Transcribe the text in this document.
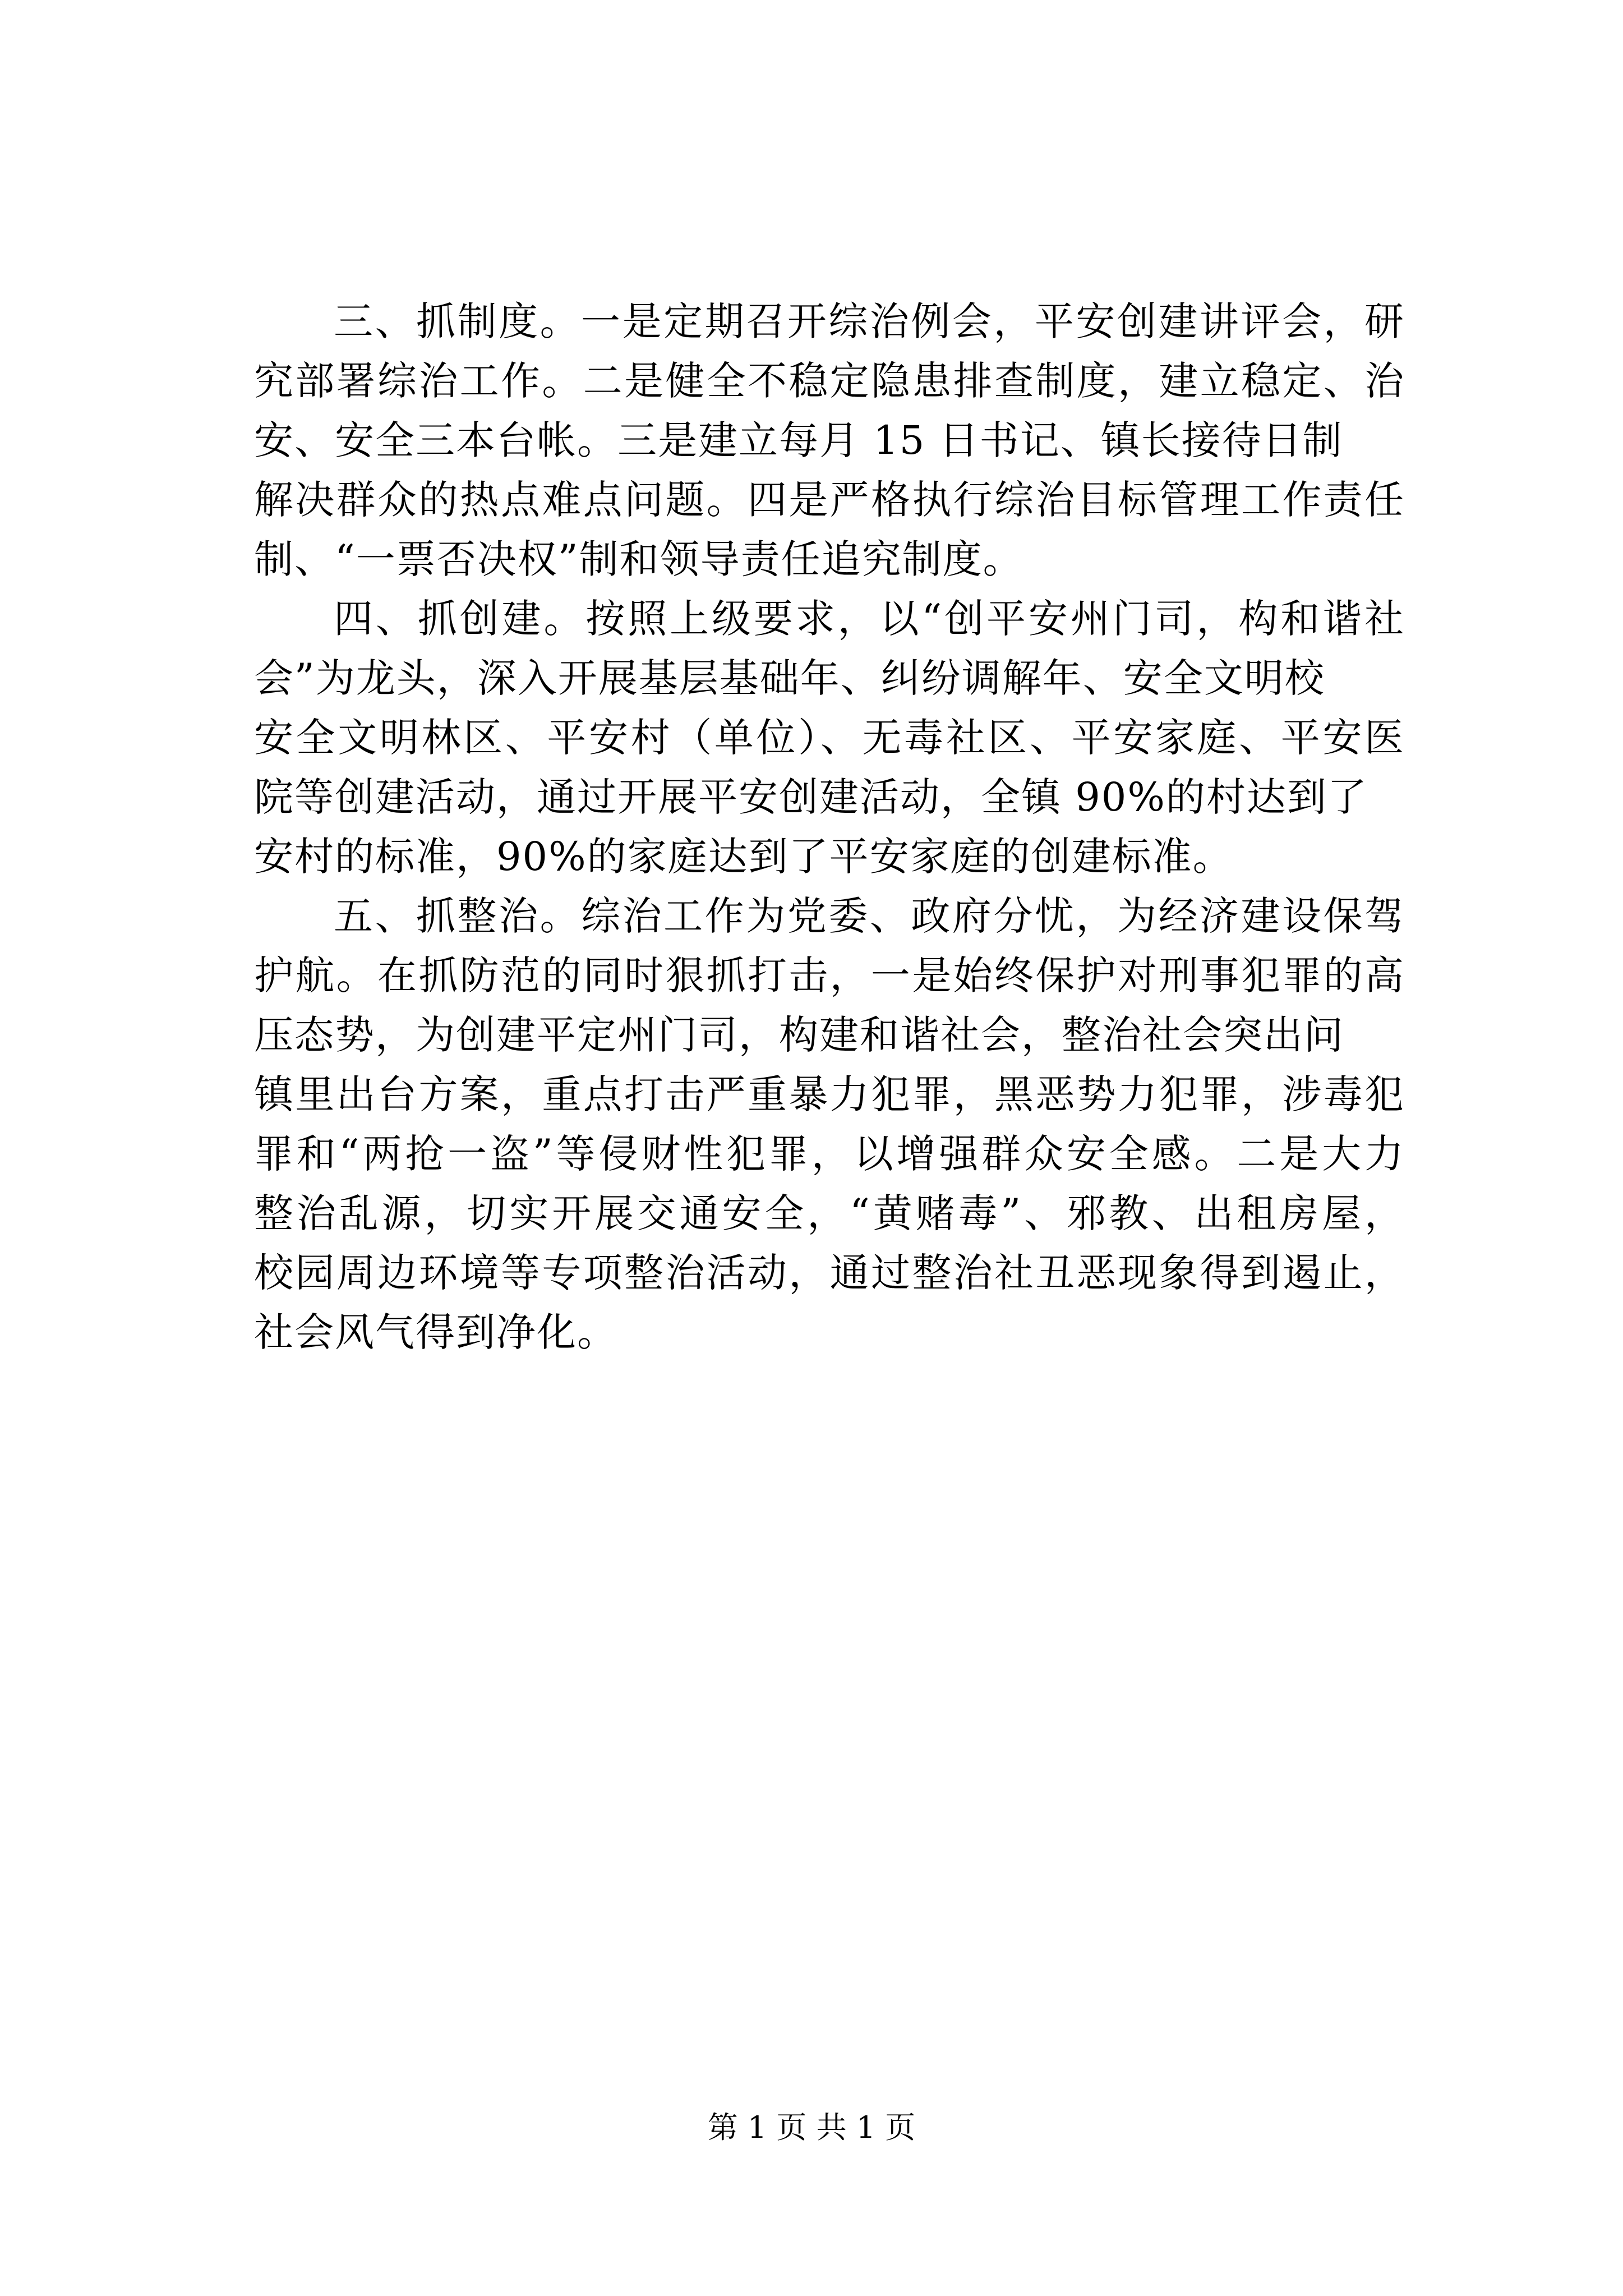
三、抓制度。一是定期召开综治例会，平安创建讲评会，研
究部署综治工作。二是健全不稳定隐患排查制度，建立稳定、治
安、安全三本台帐。三是建立每月 15 日书记、镇长接待日制
解决群众的热点难点问题。四是严格执行综治目标管理工作责任
制、“一票否决权”制和领导责任追究制度。
四、抓创建。按照上级要求，以“创平安州门司，构和谐社
会”为龙头，深入开展基层基础年、纠纷调解年、安全文明校
安全文明林区、平安村（单位）、无毒社区、平安家庭、平安医
院等创建活动，通过开展平安创建活动，全镇 90%的村达到了
安村的标准，90%的家庭达到了平安家庭的创建标准。
五、抓整治。综治工作为党委、政府分忧，为经济建设保驾
护航。在抓防范的同时狠抓打击，一是始终保护对刑事犯罪的高
压态势，为创建平定州门司，构建和谐社会，整治社会突出问
镇里出台方案，重点打击严重暴力犯罪，黑恶势力犯罪，涉毒犯
罪和“两抢一盗”等侵财性犯罪，以增强群众安全感。二是大力
整治乱源，切实开展交通安全，“黄赌毒”、邪教、出租房屋，
校园周边环境等专项整治活动，通过整治社丑恶现象得到遏止，
社会风气得到净化。
第 1 页 共 1 页
